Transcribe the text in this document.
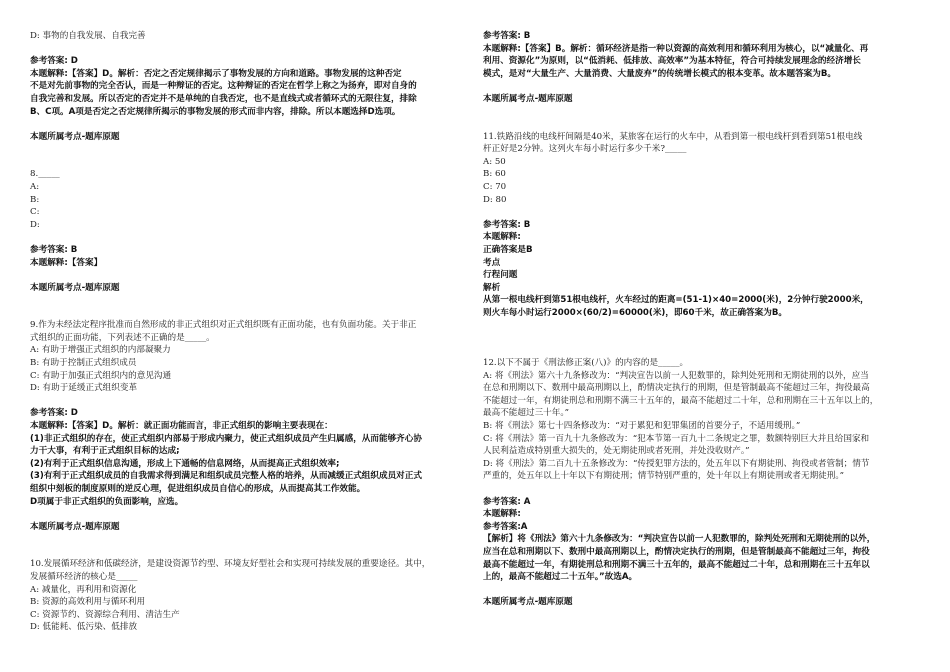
D: 事物的自我发展、自我完善
参考答案: D
本题解释:【答案】D。解析：否定之否定规律揭示了事物发展的方向和道路。事物发展的这种否定
不是对先前事物的完全否认，而是一种辩证的否定。这种辩证的否定在哲学上称之为扬弃，即对自身的
自我完善和发展。所以否定的否定并不是单纯的自我否定，也不是直线式或者循环式的无限往复，排除
B、C项。A项是否定之否定规律所揭示的事物发展的形式而非内容，排除。所以本题选择D选项。
本题所属考点-题库原题
8._____
A:
B:
C:
D:
参考答案: B
本题解释:【答案】
本题所属考点-题库原题
9.作为未经法定程序批准而自然形成的非正式组织对正式组织既有正面功能，也有负面功能。关于非正
式组织的正面功能，下列表述不正确的是_____。
A: 有助于增强正式组织的内部凝聚力
B: 有助于控制正式组织成员
C: 有助于加强正式组织内的意见沟通
D: 有助于延缓正式组织变革
参考答案: D
本题解释:【答案】D。解析：就正面功能而言，非正式组织的影响主要表现在：
(1)非正式组织的存在，使正式组织内部易于形成内聚力，使正式组织成员产生归属感，从而能够齐心协
力干大事，有利于正式组织目标的达成;
(2)有利于正式组织信息沟通，形成上下通畅的信息网络，从而提高正式组织效率;
(3)有利于正式组织成员的自我需求得到满足和组织成员完整人格的培养，从而减缓正式组织成员对正式
组织中刻板的制度原则的逆反心理，促进组织成员自信心的形成，从而提高其工作效能。
D项属于非正式组织的负面影响，应选。
本题所属考点-题库原题
10.发展循环经济和低碳经济，是建设资源节约型、环境友好型社会和实现可持续发展的重要途径。其中，
发展循环经济的核心是_____
A: 减量化，再利用和资源化
B: 资源的高效利用与循环利用
C: 资源节约、资源综合利用、清洁生产
D: 低能耗、低污染、低排放
参考答案: B
本题解释:【答案】B。解析：循环经济是指一种以资源的高效利用和循环利用为核心，以“减量化、再
利用、资源化”为原则，以“低消耗、低排放、高效率”为基本特征，符合可持续发展理念的经济增长
模式，是对“大量生产、大量消费、大量废弃”的传统增长模式的根本变革。故本题答案为B。
本题所属考点-题库原题
11.铁路沿线的电线杆间隔是40米，某旅客在运行的火车中，从看到第一根电线杆到看到第51根电线
杆正好是2分钟。这列火车每小时运行多少千米?_____
A: 50
B: 60
C: 70
D: 80
参考答案: B
本题解释:
正确答案是B
考点
行程问题
解析
从第一根电线杆到第51根电线杆，火车经过的距离=(51-1)×40=2000(米)，2分钟行驶2000米，
则火车每小时运行2000×(60/2)=60000(米)，即60千米，故正确答案为B。
12.以下不属于《刑法修正案(八)》的内容的是_____。
A: 将《刑法》第六十九条修改为：“判决宣告以前一人犯数罪的，除判处死刑和无期徒刑的以外，应当
在总和刑期以下、数刑中最高刑期以上，酌情决定执行的刑期，但是管制最高不能超过三年，拘役最高
不能超过一年，有期徒刑总和刑期不满三十五年的，最高不能超过二十年，总和刑期在三十五年以上的，
最高不能超过三十年。”
B: 将《刑法》第七十四条修改为：“对于累犯和犯罪集团的首要分子，不适用缓刑。”
C: 将《刑法》第一百九十九条修改为：“犯本节第一百九十二条规定之罪，数额特别巨大并且给国家和
人民利益造成特别重大损失的，处无期徒刑或者死刑，并处没收财产。”
D: 将《刑法》第二百九十五条修改为：“传授犯罪方法的，处五年以下有期徒刑、拘役或者管制；情节
严重的，处五年以上十年以下有期徒刑；情节特别严重的，处十年以上有期徒刑或者无期徒刑。”
参考答案: A
本题解释:
参考答案:A
【解析】将《刑法》第六十九条修改为：“判决宣告以前一人犯数罪的，除判处死刑和无期徒刑的以外，
应当在总和刑期以下、数刑中最高刑期以上，酌情决定执行的刑期，但是管制最高不能超过三年，拘役
最高不能超过一年，有期徒刑总和刑期不满三十五年的，最高不能超过二十年，总和刑期在三十五年以
上的，最高不能超过二十五年。”故选A。
本题所属考点-题库原题
